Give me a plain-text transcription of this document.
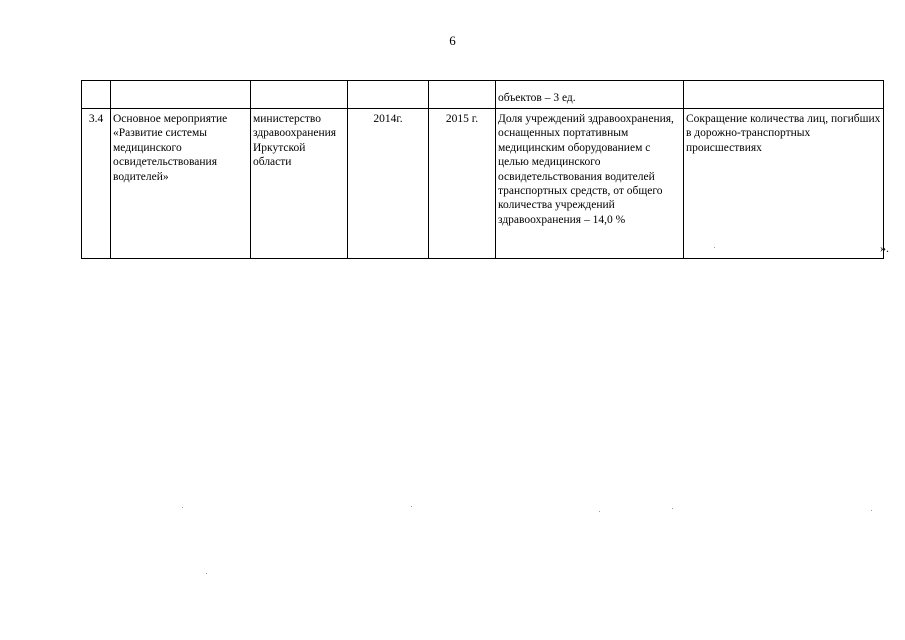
6
					объектов – 3 ед.	
3.4	Основное мероприятие «Развитие системы медицинского освидетельствования водителей»	министерство здравоохранения Иркутской области	2014г.	2015 г.	Доля учреждений здравоохранения, оснащенных портативным медицинским оборудованием с целью медицинского освидетельствования водителей транспортных средств, от общего количества учреждений здравоохранения – 14,0 %	Сокращение количества лиц, погибших в дорожно-транспортных происшествиях
».
